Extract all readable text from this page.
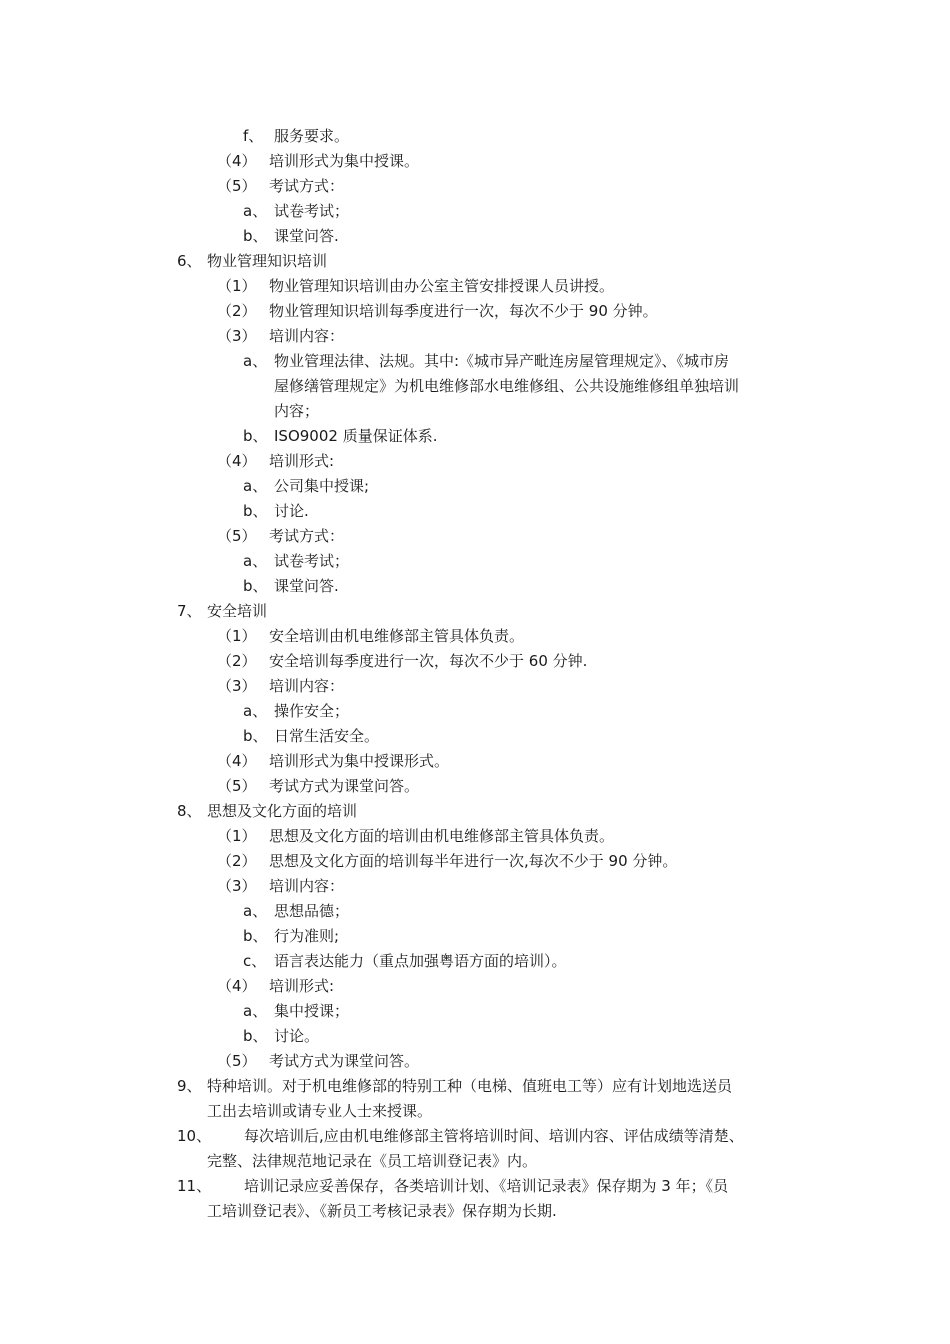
f、 服务要求。
（4） 培训形式为集中授课。
（5） 考试方式：
a、 试卷考试；
b、 课堂问答.
6、 物业管理知识培训
（1） 物业管理知识培训由办公室主管安排授课人员讲授。
（2） 物业管理知识培训每季度进行一次，每次不少于 90 分钟。
（3） 培训内容：
a、 物业管理法律、法规。其中:《城市异产毗连房屋管理规定》、《城市房
屋修缮管理规定》为机电维修部水电维修组、公共设施维修组单独培训
内容；
b、 ISO9002 质量保证体系.
（4） 培训形式:
a、 公司集中授课;
b、 讨论.
（5） 考试方式：
a、 试卷考试；
b、 课堂问答.
7、 安全培训
（1） 安全培训由机电维修部主管具体负责。
（2） 安全培训每季度进行一次，每次不少于 60 分钟.
（3） 培训内容：
a、 操作安全；
b、 日常生活安全。
（4） 培训形式为集中授课形式。
（5） 考试方式为课堂问答。
8、 思想及文化方面的培训
（1） 思想及文化方面的培训由机电维修部主管具体负责。
（2） 思想及文化方面的培训每半年进行一次,每次不少于 90 分钟。
（3） 培训内容：
a、 思想品德；
b、 行为准则;
c、 语言表达能力（重点加强粤语方面的培训）。
（4） 培训形式:
a、 集中授课；
b、 讨论。
（5） 考试方式为课堂问答。
9、 特种培训。对于机电维修部的特别工种（电梯、值班电工等）应有计划地选送员
工出去培训或请专业人士来授课。
10、 每次培训后,应由机电维修部主管将培训时间、培训内容、评估成绩等清楚、
完整、法律规范地记录在《员工培训登记表》内。
11、 培训记录应妥善保存，各类培训计划、《培训记录表》保存期为 3 年；《员
工培训登记表》、《新员工考核记录表》保存期为长期.
